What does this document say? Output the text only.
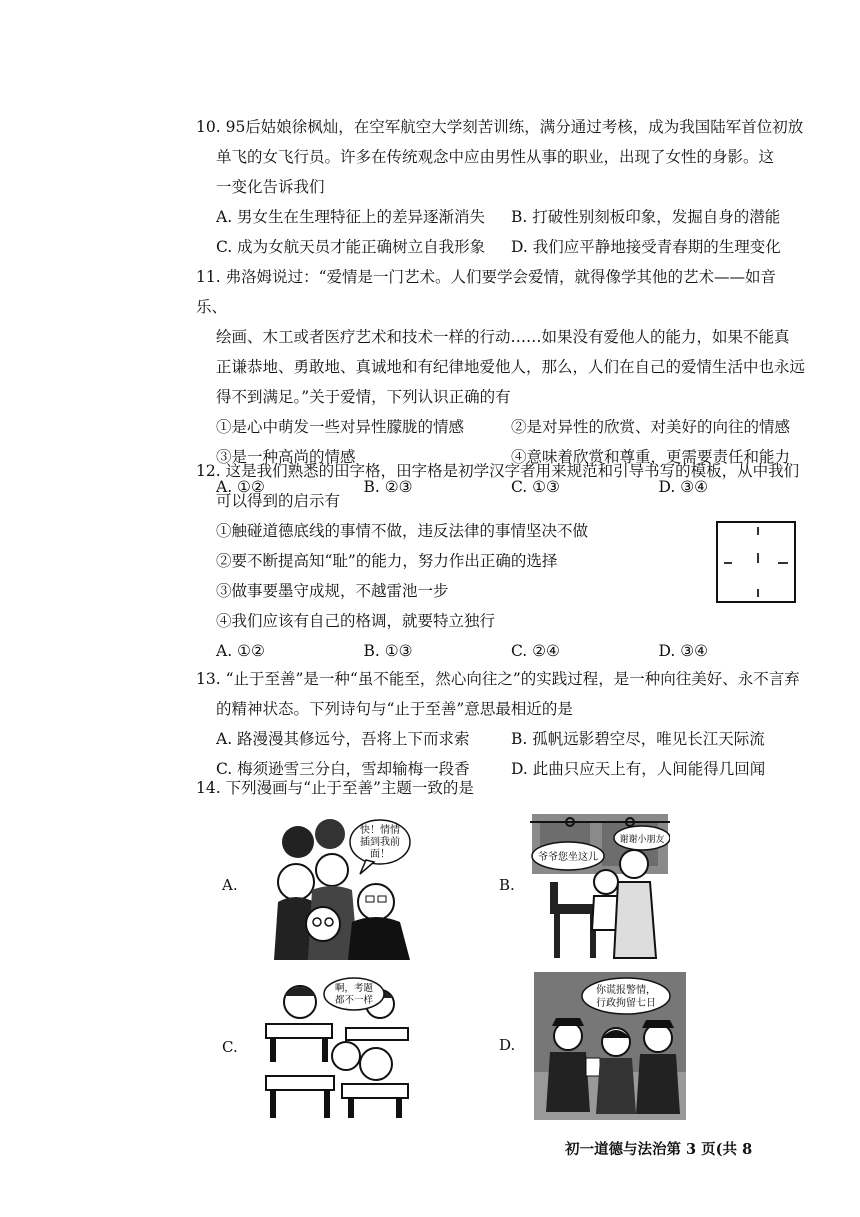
10. 95后姑娘徐枫灿，在空军航空大学刻苦训练，满分通过考核，成为我国陆军首位初放

单飞的女飞行员。许多在传统观念中应由男性从事的职业，出现了女性的身影。这

一变化告诉我们

A. 男女生在生理特征上的差异逐渐消失	B. 打破性别刻板印象，发掘自身的潜能
C. 成为女航天员才能正确树立自我形象	D. 我们应平静地接受青春期的生理变化

11. 弗洛姆说过：“爱情是一门艺术。人们要学会爱情，就得像学其他的艺术——如音乐、

绘画、木工或者医疗艺术和技术一样的行动……如果没有爱他人的能力，如果不能真

正谦恭地、勇敢地、真诚地和有纪律地爱他人，那么，人们在自己的爱情生活中也永远

得不到满足。”关于爱情，下列认识正确的有

①是心中萌发一些对异性朦胧的情感	②是对异性的欣赏、对美好的向往的情感
③是一种高尚的情感	④意味着欣赏和尊重，更需要责任和能力
A. ①②	B. ②③	C. ①③	D. ③④

12. 这是我们熟悉的田字格，田字格是初学汉字者用来规范和引导书写的模板，从中我们

可以得到的启示有

①触碰道德底线的事情不做，违反法律的事情坚决不做

②要不断提高知“耻”的能力，努力作出正确的选择

③做事要墨守成规，不越雷池一步

④我们应该有自己的格调，就要特立独行

A. ①②	B. ①③	C. ②④	D. ③④

13. “止于至善”是一种“虽不能至，然心向往之”的实践过程，是一种向往美好、永不言弃

的精神状态。下列诗句与“止于至善”意思最相近的是

A. 路漫漫其修远兮，吾将上下而求索	B. 孤帆远影碧空尽，唯见长江天际流
C. 梅须逊雪三分白，雪却输梅一段香	D. 此曲只应天上有，人间能得几回闻

14. 下列漫画与“止于至善”主题一致的是

A.
快！情情
插到我前
面！
B.
爷爷您坐这儿
谢谢小朋友
C.
啊，考题
都不一样
D.
你谎报警情，
行政拘留七日
初一道德与法治第 3 页(共 8
